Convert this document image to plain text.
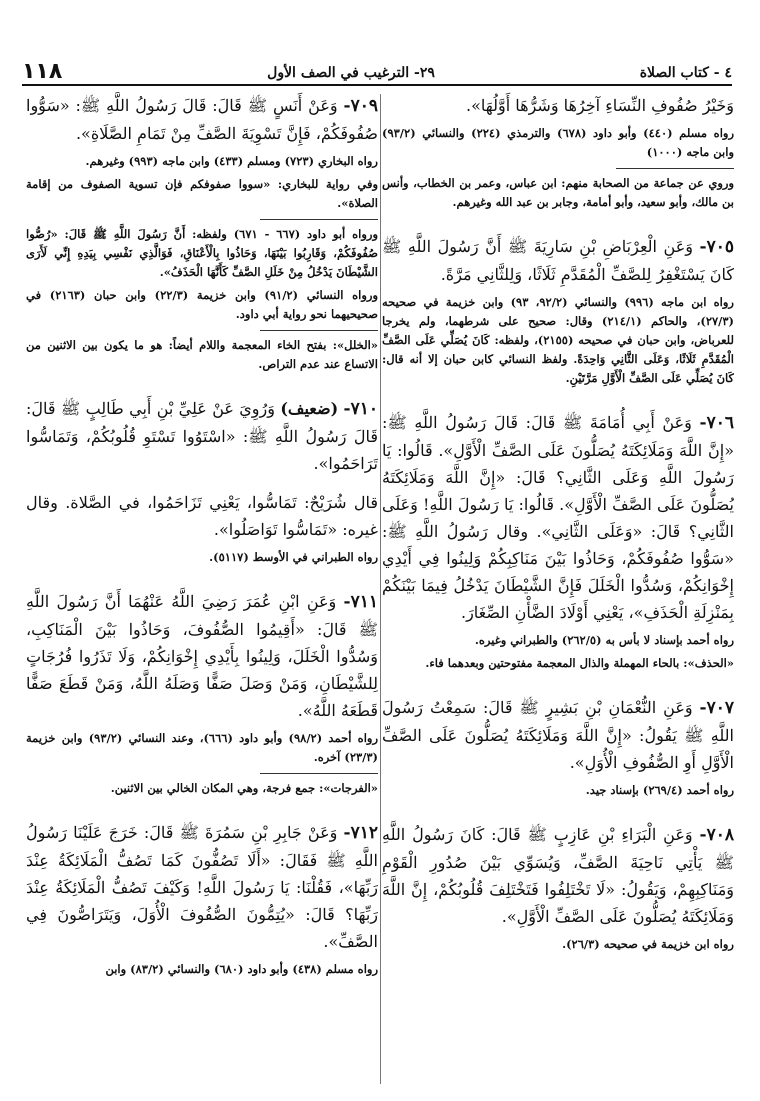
٤ - كتاب الصلاة
٢٩- الترغيب في الصف الأول
١١٨

وَخَيْرُ صُفُوفِ النِّسَاءِ آخِرُهَا وَشَرُّهَا أَوَّلُهَا».

رواه مسلم (٤٤٠) وأبو داود (٦٧٨) والترمذي (٢٢٤) والنسائي (٩٣/٢) وابن ماجه (١٠٠٠)

وروي عن جماعة من الصحابة منهم: ابن عباس، وعمر بن الخطاب، وأنس بن مالك، وأبو سعيد، وأبو أمامة، وجابر بن عبد الله وغيرهم.

٧٠٥- وَعَنِ الْعِرْبَاضِ بْنِ سَارِيَةَ ﷺ أَنَّ رَسُولَ اللَّهِ ﷺ كَانَ يَسْتَغْفِرُ لِلصَّفِّ الْمُقَدَّمِ ثَلَاثًا، وَلِلثَّانِي مَرَّةً.

رواه ابن ماجه (٩٩٦) والنسائي (٩٢/٢، ٩٣) وابن خزيمة في صحيحه (٢٧/٣)، والحاكم (٢١٤/١) وقال: صحيح على شرطهما، ولم يخرجا للعرباض، وابن حبان في صحيحه (٢١٥٥)، ولفظه: كَانَ يُصَلِّي عَلَى الصَّفِّ الْمُقَدَّمِ ثَلَاثًا، وَعَلَى الثَّانِي وَاحِدَةً. ولفظ النسائي كابن حبان إلا أنه قال: كَانَ يُصَلِّي عَلَى الصَّفِّ الْأَوَّلِ مَرَّتَيْنِ.

٧٠٦- وَعَنْ أَبِي أُمَامَةَ ﷺ قَالَ: قَالَ رَسُولُ اللَّهِ ﷺ: «إِنَّ اللَّهَ وَمَلَائِكَتَهُ يُصَلُّونَ عَلَى الصَّفِّ الْأَوَّلِ». قَالُوا: يَا رَسُولَ اللَّهِ وَعَلَى الثَّانِي؟ قَالَ: «إِنَّ اللَّهَ وَمَلَائِكَتَهُ يُصَلُّونَ عَلَى الصَّفِّ الْأَوَّلِ». قَالُوا: يَا رَسُولَ اللَّهِ! وَعَلَى الثَّانِي؟ قَالَ: «وَعَلَى الثَّانِي». وقال رَسُولُ اللَّهِ ﷺ: «سَوُّوا صُفُوفَكُمْ، وَحَاذُوا بَيْنَ مَنَاكِبِكُمْ وَلِينُوا فِي أَيْدِي إِخْوَانِكُمْ، وَسُدُّوا الْخَلَلَ فَإِنَّ الشَّيْطَانَ يَدْخُلُ فِيمَا بَيْنَكُمْ بِمَنْزِلَةِ الْحَذَفِ»، يَعْنِي أَوْلَادَ الضَّأْنِ الصِّغَارَ.

رواه أحمد بإسناد لا بأس به (٢٦٢/٥) والطبراني وغيره.

«الحذف»: بالحاء المهملة والذال المعجمة مفتوحتين وبعدهما فاء.

٧٠٧- وَعَنِ النُّعْمَانِ بْنِ بَشِيرٍ ﷺ قَالَ: سَمِعْتُ رَسُولَ اللَّهِ ﷺ يَقُولُ: «إِنَّ اللَّهَ وَمَلَائِكَتَهُ يُصَلُّونَ عَلَى الصَّفِّ الْأَوَّلِ أَوِ الصُّفُوفِ الْأُوَلِ».

رواه أحمد (٢٦٩/٤) بإسناد جيد.

٧٠٨- وَعَنِ الْبَرَاءِ بْنِ عَازِبٍ ﷺ قَالَ: كَانَ رَسُولُ اللَّهِ ﷺ يَأْتِي نَاحِيَةَ الصَّفِّ، وَيُسَوِّي بَيْنَ صُدُورِ الْقَوْمِ وَمَنَاكِبِهِمْ، وَيَقُولُ: «لَا تَخْتَلِفُوا فَتَخْتَلِفَ قُلُوبُكُمْ، إِنَّ اللَّهَ وَمَلَائِكَتَهُ يُصَلُّونَ عَلَى الصَّفِّ الْأَوَّلِ».

رواه ابن خزيمة في صحيحه (٢٦/٣).

٧٠٩- وَعَنْ أَنَسٍ ﷺ قَالَ: قَالَ رَسُولُ اللَّهِ ﷺ: «سَوُّوا صُفُوفَكُمْ، فَإِنَّ تَسْوِيَةَ الصَّفِّ مِنْ تَمَامِ الصَّلَاةِ».

رواه البخاري (٧٢٣) ومسلم (٤٣٣) وابن ماجه (٩٩٣) وغيرهم.

وفي رواية للبخاري: «سووا صفوفكم فإن تسوية الصفوف من إقامة الصلاة».

ورواه أبو داود (٦٦٧ - ٦٧١) ولفظه: أَنَّ رَسُولَ اللَّهِ ﷺ قَالَ: «رُصُّوا صُفُوفَكُمْ، وَقَارِبُوا بَيْنَهَا، وَحَاذُوا بِالْأَعْنَاقِ، فَوَالَّذِي نَفْسِي بِيَدِهِ إِنِّي لَأَرَى الشَّيْطَانَ يَدْخُلُ مِنْ خَلَلِ الصَّفِّ كَأَنَّهَا الْحَذَفُ».

ورواه النسائي (٩١/٢) وابن خزيمة (٢٢/٣) وابن حبان (٢١٦٣) في صحيحيهما نحو رواية أبي داود.

«الخلل»: بفتح الخاء المعجمة واللام أيضاً: هو ما يكون بين الاثنين من الاتساع عند عدم التراص.

٧١٠- (ضعيف) وَرُوِيَ عَنْ عَلِيِّ بْنِ أَبِي طَالِبٍ ﷺ قَالَ: قَالَ رَسُولُ اللَّهِ ﷺ: «اسْتَوُوا تَسْتَوِ قُلُوبُكُمْ، وَتَمَاسُّوا تَرَاحَمُوا».

قال شُرَيْحٌ: تَمَاسُّوا، يَعْنِي تَزَاحَمُوا، في الصَّلاة. وقال غيره: «تَمَاسُّوا تَوَاصَلُوا».

رواه الطبراني في الأوسط (٥١١٧).

٧١١- وَعَنِ ابْنِ عُمَرَ رَضِيَ اللَّهُ عَنْهُمَا أَنَّ رَسُولَ اللَّهِ ﷺ قَالَ: «أَقِيمُوا الصُّفُوفَ، وَحَاذُوا بَيْنَ الْمَنَاكِبِ، وَسُدُّوا الْخَلَلَ، وَلِينُوا بِأَيْدِي إِخْوَانِكُمْ، وَلَا تَذَرُوا فُرُجَاتٍ لِلشَّيْطَانِ، وَمَنْ وَصَلَ صَفًّا وَصَلَهُ اللَّهُ، وَمَنْ قَطَعَ صَفًّا قَطَعَهُ اللَّهُ».

رواه أحمد (٩٨/٢) وأبو داود (٦٦٦)، وعند النسائي (٩٣/٢) وابن خزيمة (٢٣/٣) آخره.

«الفرجات»: جمع فرجة، وهي المكان الخالي بين الاثنين.

٧١٢- وَعَنْ جَابِرِ بْنِ سَمُرَةَ ﷺ قَالَ: خَرَجَ عَلَيْنَا رَسُولُ اللَّهِ ﷺ فَقَالَ: «أَلَا تَصُفُّونَ كَمَا تَصُفُّ الْمَلَائِكَةُ عِنْدَ رَبِّهَا»، فَقُلْنَا: يَا رَسُولَ اللَّهِ! وَكَيْفَ تَصُفُّ الْمَلَائِكَةُ عِنْدَ رَبِّهَا؟ قَالَ: «يُتِمُّونَ الصُّفُوفَ الْأُوَلَ، وَيَتَرَاصُّونَ فِي الصَّفِّ».

رواه مسلم (٤٣٨) وأبو داود (٦٨٠) والنسائي (٨٣/٢) وابن
